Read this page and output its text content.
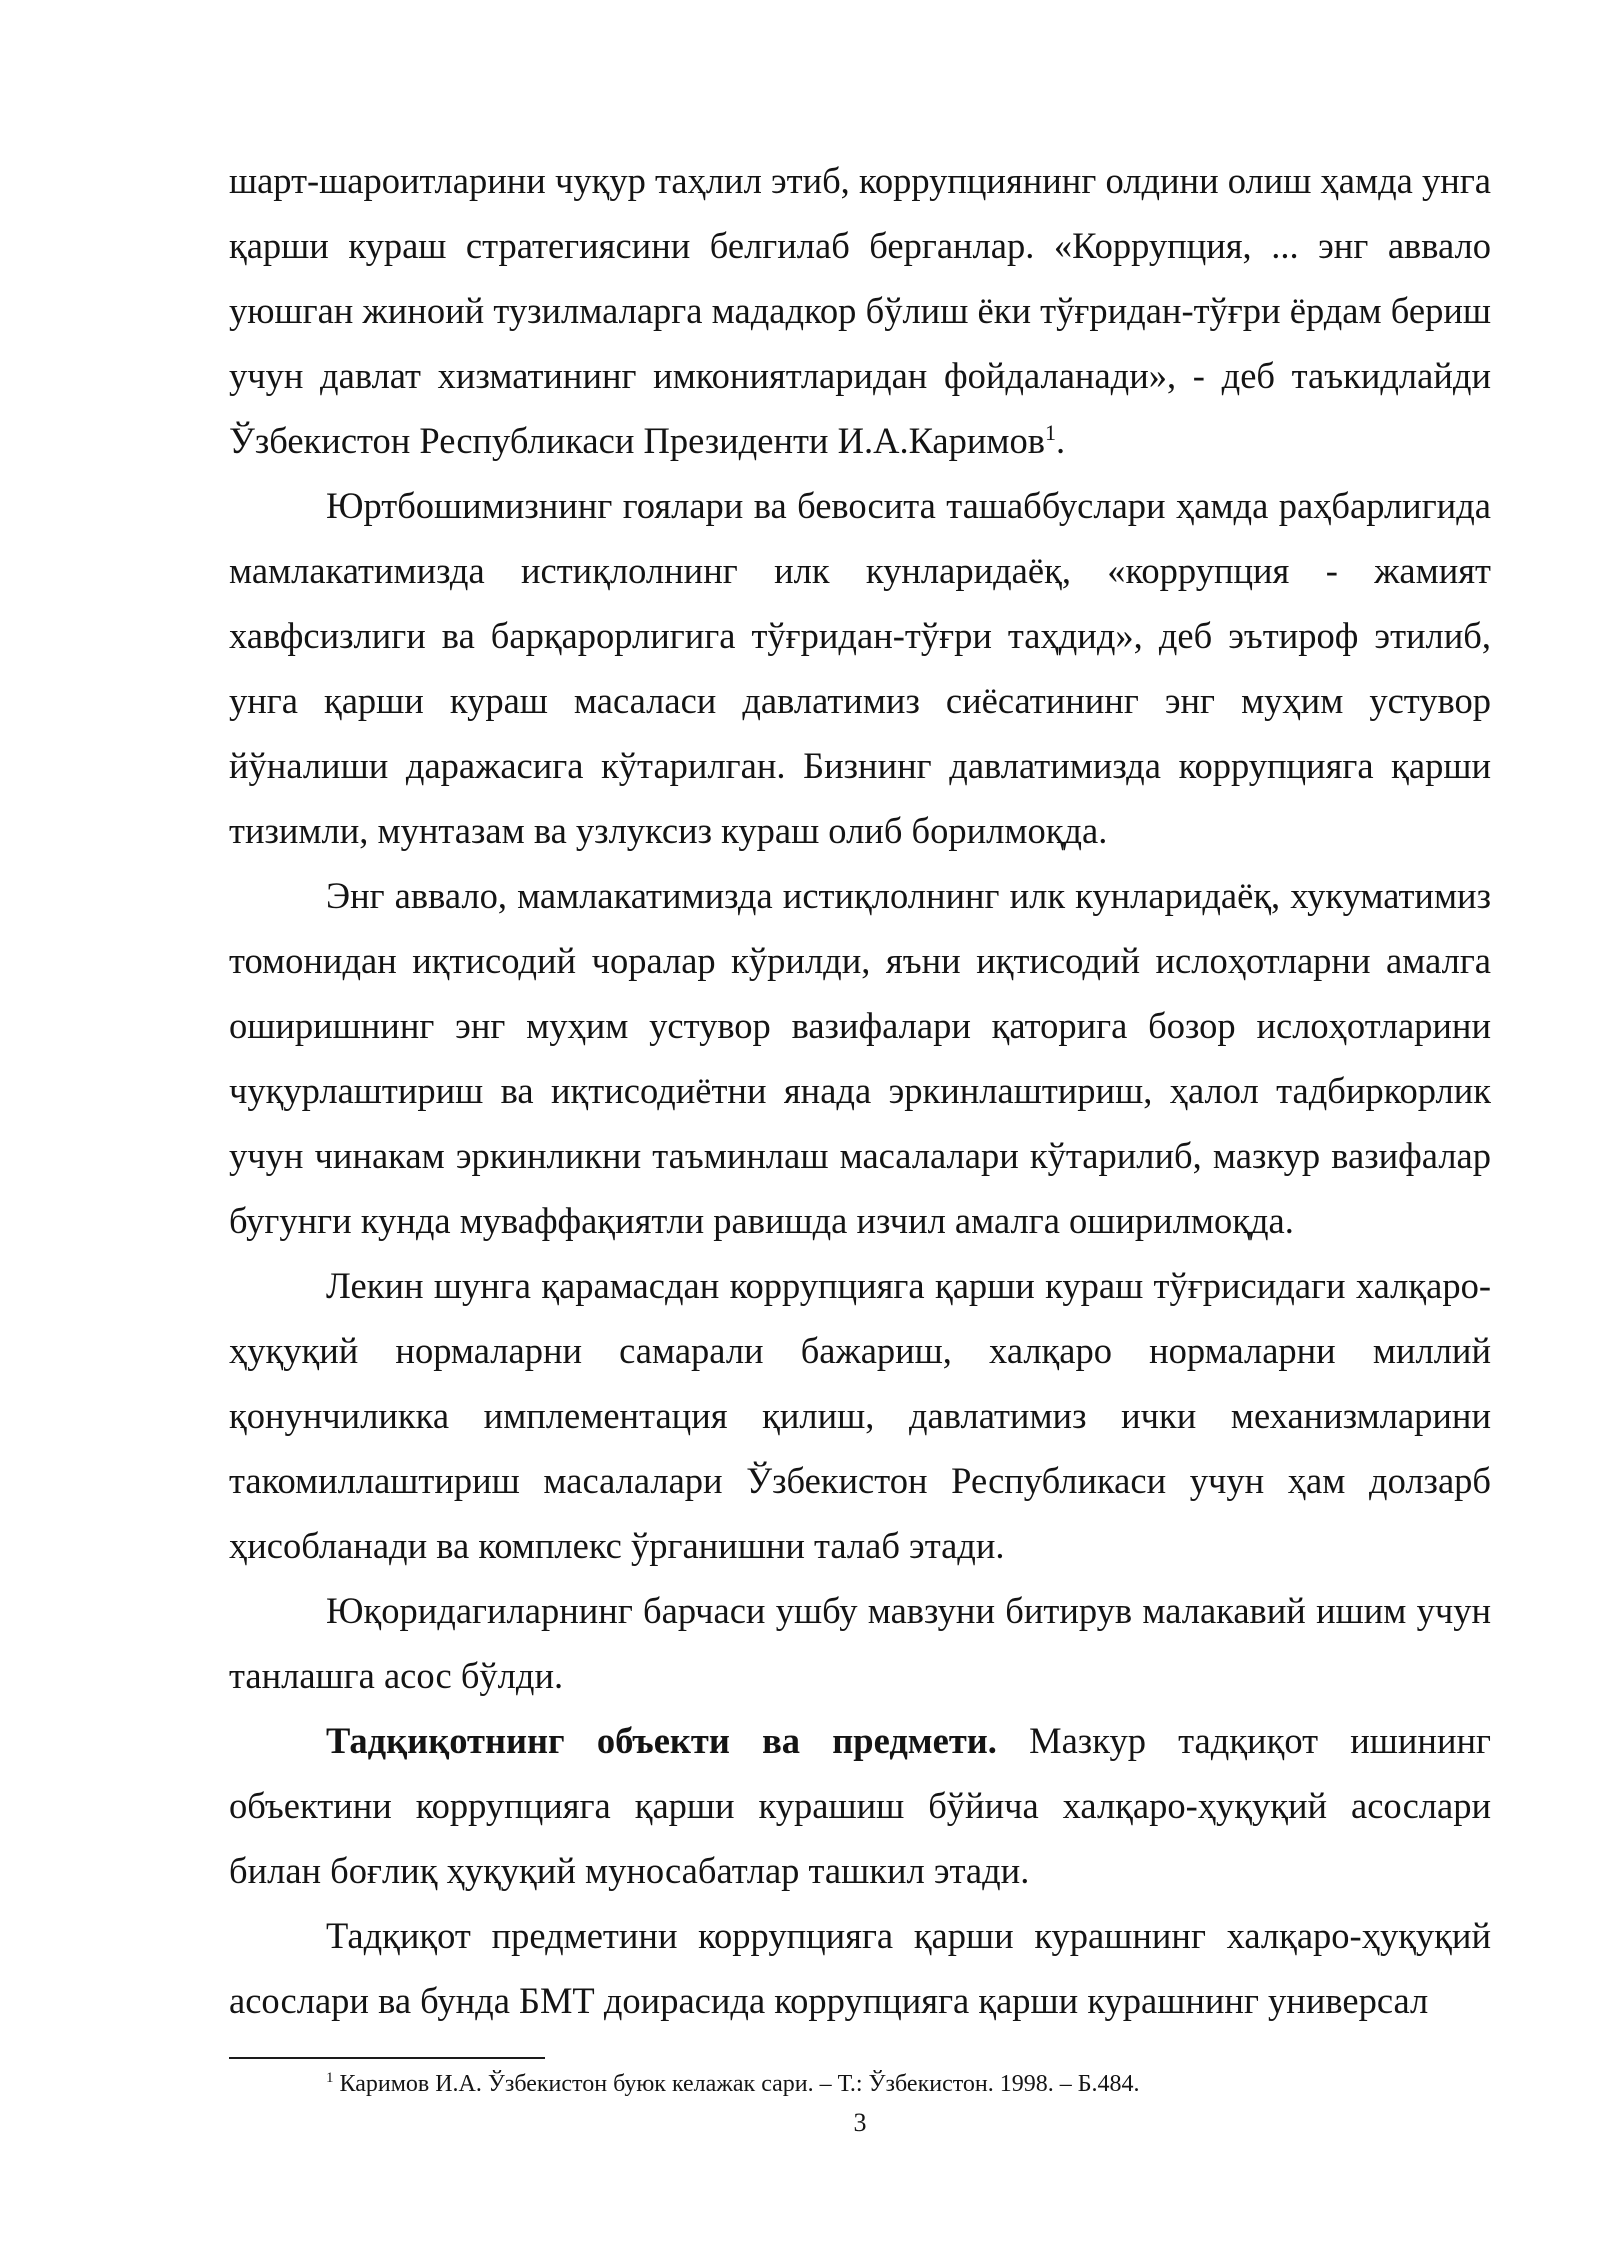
шарт-шароитларини чуқур таҳлил этиб, коррупциянинг олдини олиш ҳамда унга қарши кураш стратегиясини белгилаб берганлар. «Коррупция, ... энг аввало уюшган жиноий тузилмаларга мададкор бўлиш ёки тўғридан-тўғри ёрдам бериш учун давлат хизматининг имкониятларидан фойдаланади», - деб таъкидлайди Ўзбекистон Республикаси Президенти И.А.Каримов$^1$.

Юртбошимизнинг гоялари ва бевосита ташаббуслари ҳамда раҳбарлигида мамлакатимизда истиқлолнинг илк кунларидаёқ, «коррупция - жамият хавфсизлиги ва барқарорлигига тўғридан-тўғри таҳдид», деб эътироф этилиб, унга қарши кураш масаласи давлатимиз сиёсатининг энг муҳим устувор йўналиши даражасига кўтарилган. Бизнинг давлатимизда коррупцияга қарши тизимли, мунтазам ва узлуксиз кураш олиб борилмоқда.

Энг аввало, мамлакатимизда истиқлолнинг илк кунларидаёқ, хукуматимиз томонидан иқтисодий чоралар кўрилди, яъни иқтисодий ислоҳотларни амалга оширишнинг энг муҳим устувор вазифалари қаторига бозор ислоҳотларини чуқурлаштириш ва иқтисодиётни янада эркинлаштириш, ҳалол тадбиркорлик учун чинакам эркинликни таъминлаш масалалари кўтарилиб, мазкур вазифалар бугунги кунда муваффақиятли равишда изчил амалга оширилмоқда.

Лекин шунга қарамасдан коррупцияга қарши кураш тўғрисидаги халқаро-ҳуқуқий нормаларни самарали бажариш, халқаро нормаларни миллий қонунчиликка имплементация қилиш, давлатимиз ички механизмларини такомиллаштириш масалалари Ўзбекистон Республикаси учун ҳам долзарб ҳисобланади ва комплекс ўрганишни талаб этади.

Юқоридагиларнинг барчаси ушбу мавзуни битирув малакавий ишим учун танлашга асос бўлди.

Тадқиқотнинг объекти ва предмети. Мазкур тадқиқот ишининг объектини коррупцияга қарши курашиш бўйича халқаро-ҳуқуқий асослари билан боғлиқ ҳуқуқий муносабатлар ташкил этади.

Тадқиқот предметини коррупцияга қарши курашнинг халқаро-ҳуқуқий асослари ва бунда БМТ доирасида коррупцияга қарши курашнинг универсал

$^1$ Каримов И.А. Ўзбекистон буюк келажак сари. – Т.: Ўзбекистон. 1998. – Б.484.
3
